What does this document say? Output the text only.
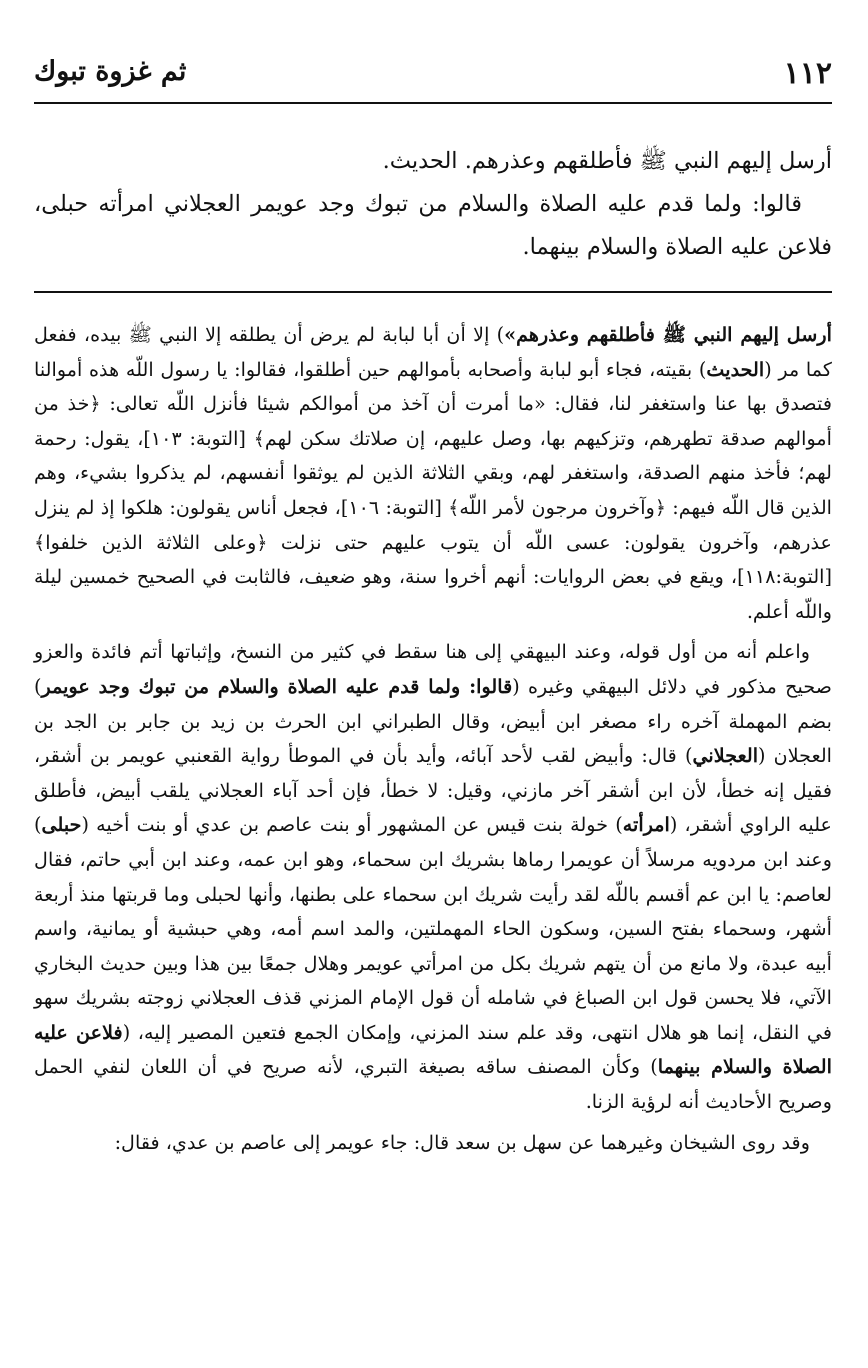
١١٢
ثم غزوة تبوك

أرسل إليهم النبي ﷺ فأطلقهم وعذرهم. الحديث.

قالوا: ولما قدم عليه الصلاة والسلام من تبوك وجد عويمر العجلاني امرأته حبلى، فلاعن عليه الصلاة والسلام بينهما.

أرسل إليهم النبي ﷺ فأطلقهم وعذرهم») إلا أن أبا لبابة لم يرض أن يطلقه إلا النبي ﷺ بيده، ففعل كما مر (الحديث) بقيته، فجاء أبو لبابة وأصحابه بأموالهم حين أطلقوا، فقالوا: يا رسول اللّه هذه أموالنا فتصدق بها عنا واستغفر لنا، فقال: «ما أمرت أن آخذ من أموالكم شيئا فأنزل اللّه تعالى: ﴿خذ من أموالهم صدقة تطهرهم، وتزكيهم بها، وصل عليهم، إن صلاتك سكن لهم﴾ [التوبة: ١٠٣]، يقول: رحمة لهم؛ فأخذ منهم الصدقة، واستغفر لهم، وبقي الثلاثة الذين لم يوثقوا أنفسهم، لم يذكروا بشيء، وهم الذين قال اللّه فيهم: ﴿وآخرون مرجون لأمر اللّه﴾ [التوبة: ١٠٦]، فجعل أناس يقولون: هلكوا إذ لم ينزل عذرهم، وآخرون يقولون: عسى اللّه أن يتوب عليهم حتى نزلت ﴿وعلى الثلاثة الذين خلفوا﴾ [التوبة:١١٨]، ويقع في بعض الروايات: أنهم أخروا سنة، وهو ضعيف، فالثابت في الصحيح خمسين ليلة واللّه أعلم.

واعلم أنه من أول قوله، وعند البيهقي إلى هنا سقط في كثير من النسخ، وإثباتها أتم فائدة والعزو صحيح مذكور في دلائل البيهقي وغيره (قالوا: ولما قدم عليه الصلاة والسلام من تبوك وجد عويمر) بضم المهملة آخره راء مصغر ابن أبيض، وقال الطبراني ابن الحرث بن زيد بن جابر بن الجد بن العجلان (العجلاني) قال: وأبيض لقب لأحد آبائه، وأيد بأن في الموطأ رواية القعنبي عويمر بن أشقر، فقيل إنه خطأ، لأن ابن أشقر آخر مازني، وقيل: لا خطأ، فإن أحد آباء العجلاني يلقب أبيض، فأطلق عليه الراوي أشقر، (امرأته) خولة بنت قيس عن المشهور أو بنت عاصم بن عدي أو بنت أخيه (حبلى) وعند ابن مردويه مرسلاً أن عويمرا رماها بشريك ابن سحماء، وهو ابن عمه، وعند ابن أبي حاتم، فقال لعاصم: يا ابن عم أقسم باللّه لقد رأيت شريك ابن سحماء على بطنها، وأنها لحبلى وما قربتها منذ أربعة أشهر، وسحماء بفتح السين، وسكون الحاء المهملتين، والمد اسم أمه، وهي حبشية أو يمانية، واسم أبيه عبدة، ولا مانع من أن يتهم شريك بكل من امرأتي عويمر وهلال جمعًا بين هذا وبين حديث البخاري الآتي، فلا يحسن قول ابن الصباغ في شامله أن قول الإمام المزني قذف العجلاني زوجته بشريك سهو في النقل، إنما هو هلال انتهى، وقد علم سند المزني، وإمكان الجمع فتعين المصير إليه، (فلاعن عليه الصلاة والسلام بينهما) وكأن المصنف ساقه بصيغة التبري، لأنه صريح في أن اللعان لنفي الحمل وصريح الأحاديث أنه لرؤية الزنا.

وقد روى الشيخان وغيرهما عن سهل بن سعد قال: جاء عويمر إلى عاصم بن عدي، فقال:
